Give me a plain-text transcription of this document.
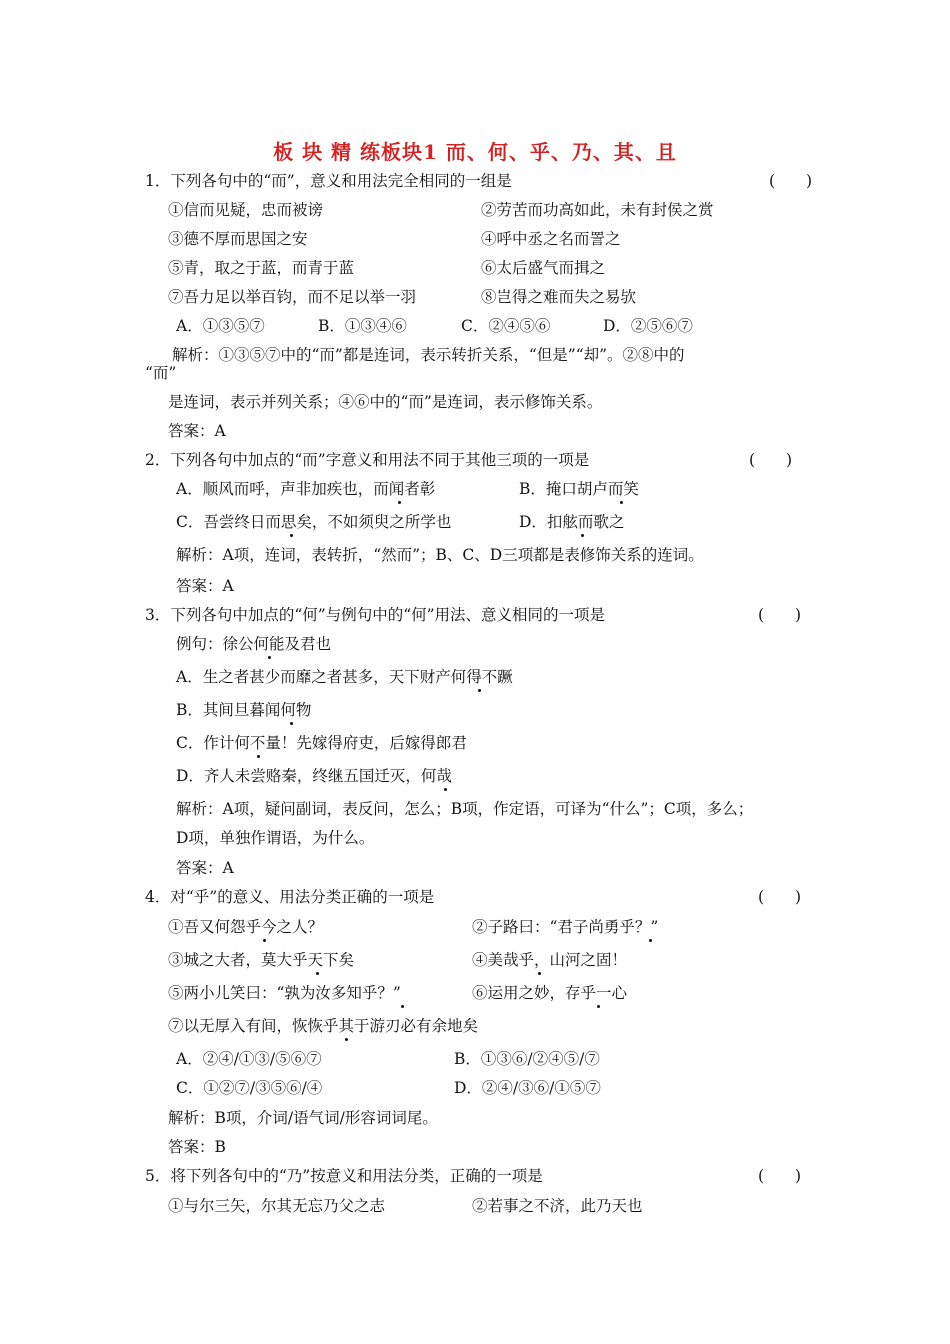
板 块 精 练板块1 而、何、乎、乃、其、且
1．下列各句中的“而”，意义和用法完全相同的一组是	(　　)
①信而见疑，忠而被谤	②劳苦而功高如此，未有封侯之赏
③德不厚而思国之安	④呼中丞之名而詈之
⑤青，取之于蓝，而青于蓝	⑥太后盛气而揖之
⑦吾力足以举百钧，而不足以举一羽	⑧岂得之难而失之易欤
A．①③⑤⑦	B．①③④⑥	C．②④⑤⑥	D．②⑤⑥⑦
解析：①③⑤⑦中的“而”都是连词，表示转折关系，“但是”“却”。②⑧中的
“而”
是连词，表示并列关系；④⑥中的“而”是连词，表示修饰关系。
答案：A
2．下列各句中加点的“而”字意义和用法不同于其他三项的一项是	(　　)
A．顺风而呼，声非加疾也，而闻者彰	B．掩口胡卢而笑
C．吾尝终日而思矣，不如须臾之所学也	D．扣舷而歌之
解析：A项，连词，表转折，“然而”；B、C、D三项都是表修饰关系的连词。
答案：A
3．下列各句中加点的“何”与例句中的“何”用法、意义相同的一项是	(　　)
例句：徐公何能及君也
A．生之者甚少而靡之者甚多，天下财产何得不蹶
B．其间旦暮闻何物
C．作计何不量！先嫁得府吏，后嫁得郎君
D．齐人未尝赂秦，终继五国迁灭，何哉
解析：A项，疑问副词，表反问，怎么；B项，作定语，可译为“什么”；C项，多么；
D项，单独作谓语，为什么。
答案：A
4．对“乎”的意义、用法分类正确的一项是	(　　)
①吾又何怨乎今之人？	②子路曰：“君子尚勇乎？”
③城之大者，莫大乎天下矣	④美哉乎，山河之固！
⑤两小儿笑曰：“孰为汝多知乎？”	⑥运用之妙，存乎一心
⑦以无厚入有间，恢恢乎其于游刃必有余地矣
A．②④/①③/⑤⑥⑦	B．①③⑥/②④⑤/⑦
C．①②⑦/③⑤⑥/④	D．②④/③⑥/①⑤⑦
解析：B项，介词/语气词/形容词词尾。
答案：B
5．将下列各句中的“乃”按意义和用法分类，正确的一项是	(　　)
①与尔三矢，尔其无忘乃父之志	②若事之不济，此乃天也
